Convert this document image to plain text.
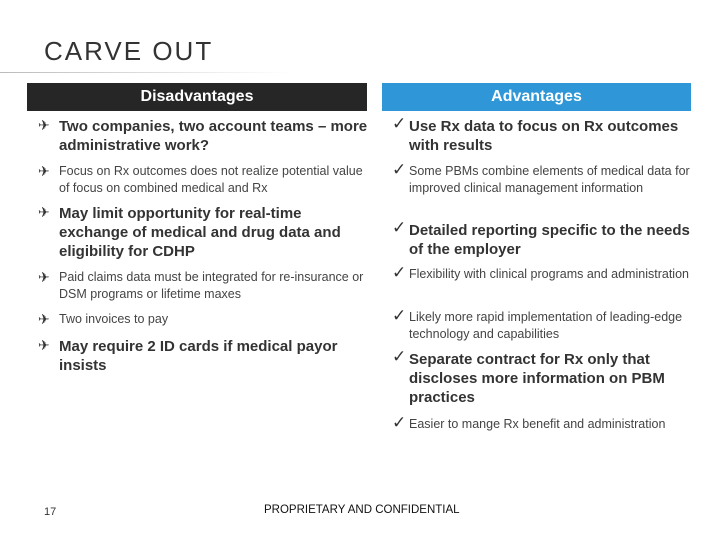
CARVE OUT
Disadvantages	Advantages
✈ Two companies, two account teams – more administrative work?
✈ Focus on Rx outcomes does not realize potential value of focus on combined medical and Rx
✈ May limit opportunity for real-time exchange of medical and drug data and eligibility for CDHP
✈ Paid claims data must be integrated for re-insurance or DSM programs or lifetime maxes
✈ Two invoices to pay
✈ May require 2 ID cards if medical payor insists
✓ Use Rx data to focus on Rx outcomes with results
✓ Some PBMs combine elements of medical data for improved clinical management information
✓ Detailed reporting specific to the needs of the employer
✓ Flexibility with clinical programs and administration
✓ Likely more rapid implementation of leading-edge technology and capabilities
✓ Separate contract for Rx only that discloses more information on PBM practices
✓ Easier to mange Rx benefit and administration
17	PROPRIETARY AND CONFIDENTIAL
